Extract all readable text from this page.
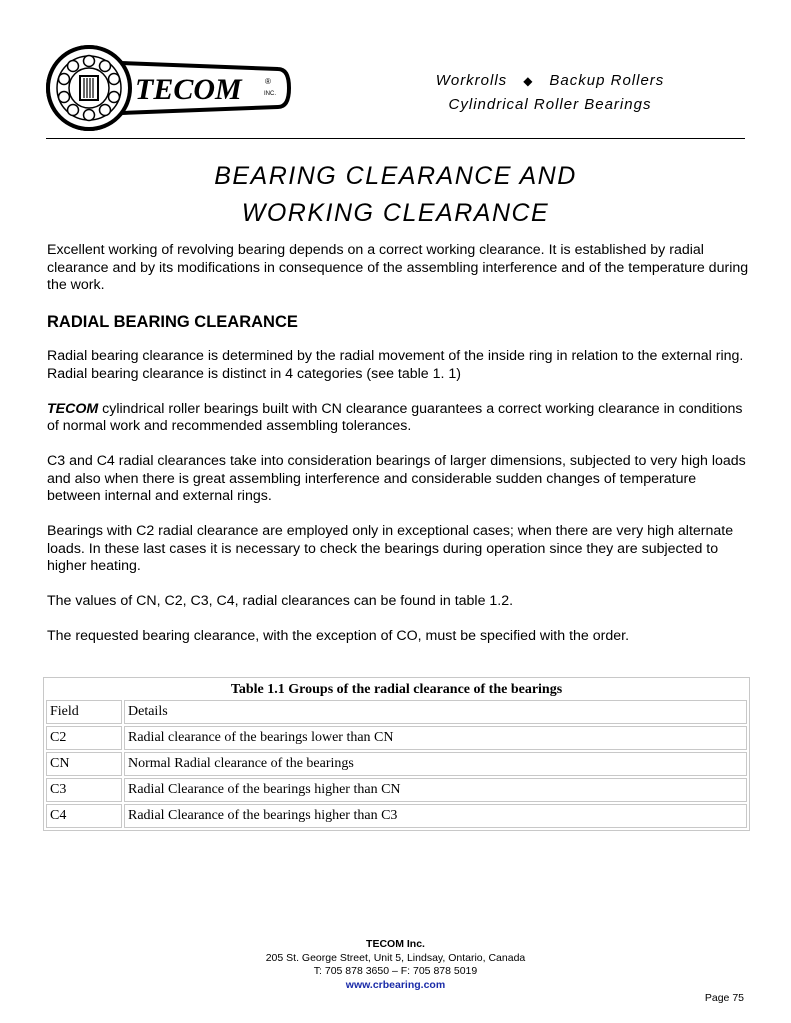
TECOM	®
INC.
Workrolls ◆ Backup Rollers
Cylindrical Roller Bearings
BEARING CLEARANCE AND
WORKING CLEARANCE

Excellent working of revolving bearing depends on a correct working clearance. It is established by radial clearance and by its modifications in consequence of the assembling interference and of the temperature during the work.

RADIAL BEARING CLEARANCE

Radial bearing clearance is determined by the radial movement of the inside ring in relation to the external ring. Radial bearing clearance is distinct in 4 categories (see table 1. 1)

TECOM cylindrical roller bearings built with CN clearance guarantees a correct working clearance in conditions of normal work and recommended assembling tolerances.

C3 and C4 radial clearances take into consideration bearings of larger dimensions, subjected to very high loads and also when there is great assembling interference and considerable sudden changes of temperature between internal and external rings.

Bearings with C2 radial clearance are employed only in exceptional cases; when there are very high alternate loads. In these last cases it is necessary to check the bearings during operation since they are subjected to higher heating.

The values of CN, C2, C3, C4, radial clearances can be found in table 1.2.

The requested bearing clearance, with the exception of CO, must be specified with the order.

Table 1.1 Groups of the radial clearance of the bearings
Field	Details
C2	Radial clearance of the bearings lower than CN
CN	Normal Radial clearance of the bearings
C3	Radial Clearance of the bearings higher than CN
C4	Radial Clearance of the bearings higher than C3
TECOM Inc.
205 St. George Street, Unit 5, Lindsay, Ontario, Canada
T: 705 878 3650 – F: 705 878 5019
www.crbearing.com
Page 75
